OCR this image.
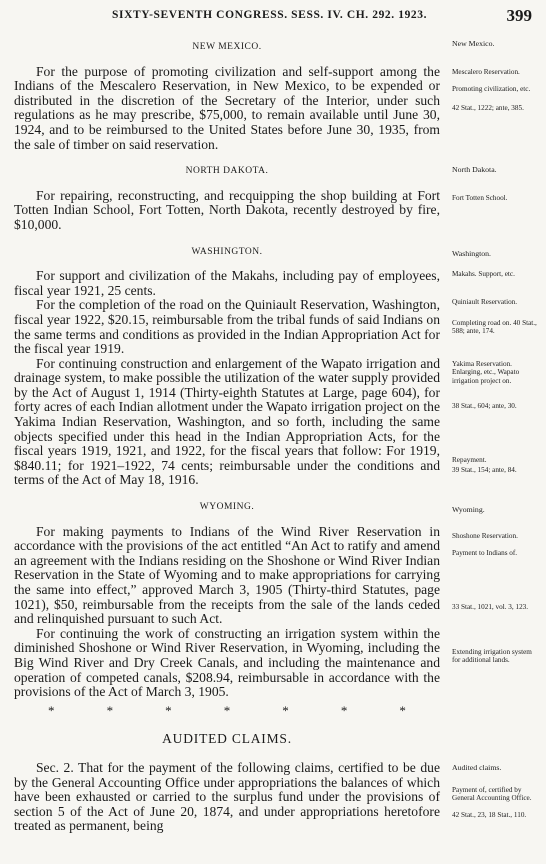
SIXTY-SEVENTH CONGRESS. SESS. IV. CH. 292. 1923.	399
NEW MEXICO.

For the purpose of promoting civilization and self-support among the Indians of the Mescalero Reservation, in New Mexico, to be expended or distributed in the discretion of the Secretary of the Interior, under such regulations as he may prescribe, $75,000, to remain available until June 30, 1924, and to be reimbursed to the United States before June 30, 1935, from the sale of timber on said reservation.

NORTH DAKOTA.

For repairing, reconstructing, and recquipping the shop building at Fort Totten Indian School, Fort Totten, North Dakota, recently destroyed by fire, $10,000.

WASHINGTON.

For support and civilization of the Makahs, including pay of employees, fiscal year 1921, 25 cents.

For the completion of the road on the Quiniault Reservation, Washington, fiscal year 1922, $20.15, reimbursable from the tribal funds of said Indians on the same terms and conditions as provided in the Indian Appropriation Act for the fiscal year 1919.

For continuing construction and enlargement of the Wapato irrigation and drainage system, to make possible the utilization of the water supply provided by the Act of August 1, 1914 (Thirty-eighth Statutes at Large, page 604), for forty acres of each Indian allotment under the Wapato irrigation project on the Yakima Indian Reservation, Washington, and so forth, including the same objects specified under this head in the Indian Appropriation Acts, for the fiscal years 1919, 1921, and 1922, for the fiscal years that follow: For 1919, $840.11; for 1921–1922, 74 cents; reimbursable under the conditions and terms of the Act of May 18, 1916.

WYOMING.

For making payments to Indians of the Wind River Reservation in accordance with the provisions of the act entitled “An Act to ratify and amend an agreement with the Indians residing on the Shoshone or Wind River Indian Reservation in the State of Wyoming and to make appropriations for carrying the same into effect,” approved March 3, 1905 (Thirty-third Statutes, page 1021), $50, reimbursable from the receipts from the sale of the lands ceded and relinquished pursuant to such Act.

For continuing the work of constructing an irrigation system within the diminished Shoshone or Wind River Reservation, in Wyoming, including the Big Wind River and Dry Creek Canals, and including the maintenance and operation of competed canals, $208.94, reimbursable in accordance with the provisions of the Act of March 3, 1905.

*	*	*	*	*	*	*
AUDITED CLAIMS.

Sec. 2. That for the payment of the following claims, certified to be due by the General Accounting Office under appropriations the balances of which have been exhausted or carried to the surplus fund under the provisions of section 5 of the Act of June 20, 1874, and under appropriations heretofore treated as permanent, being

New Mexico.
Mescalero Reservation.
Promoting civilization, etc.
42 Stat., 1222; ante, 385.
North Dakota.
Fort Totten School.
Washington.
Makahs. Support, etc.
Quiniault Reservation.
Completing road on. 40 Stat., 588; ante, 174.
Yakima Reservation. Enlarging, etc., Wapato irrigation project on.
38 Stat., 604; ante, 30.
Repayment.
39 Stat., 154; ante, 84.
Wyoming.
Shoshone Reservation.
Payment to Indians of.
33 Stat., 1021, vol. 3, 123.
Extending irrigation system for additional lands.
Audited claims.
Payment of, certified by General Accounting Office.
42 Stat., 23, 18 Stat., 110.
